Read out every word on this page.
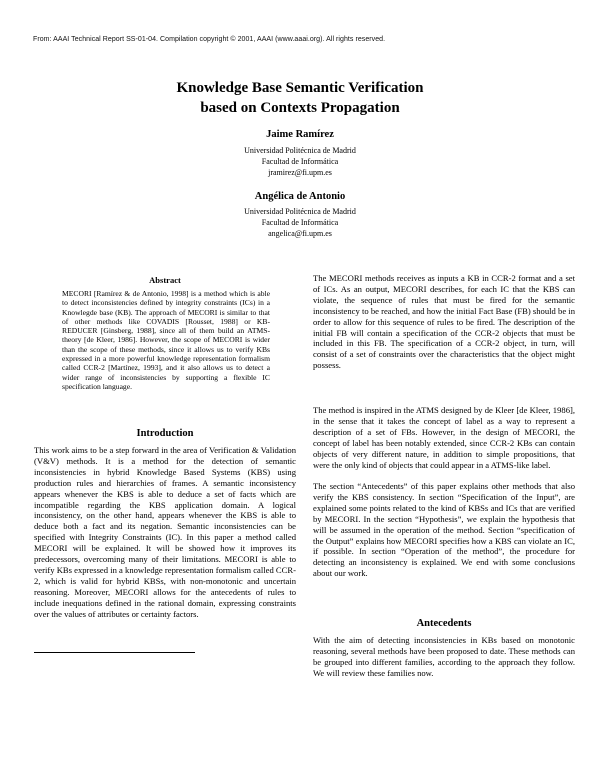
From: AAAI Technical Report SS-01-04. Compilation copyright © 2001, AAAI (www.aaai.org). All rights reserved.
Knowledge Base Semantic Verification
based on Contexts Propagation
Jaime Ramírez
Universidad Politécnica de Madrid
Facultad de Informática
jramirez@fi.upm.es
Angélica de Antonio
Universidad Politécnica de Madrid
Facultad de Informática
angelica@fi.upm.es
Abstract

MECORI [Ramírez & de Antonio, 1998] is a method which is able to detect inconsistencies defined by integrity constraints (ICs) in a Knowlegde base (KB). The approach of MECORI is similar to that of other methods like COVADIS [Rousset, 1988] or KB-REDUCER [Ginsberg, 1988], since all of them build an ATMS-theory [de Kleer, 1986]. However, the scope of MECORI is wider than the scope of these methods, since it allows us to verify KBs expressed in a more powerful knowledge representation formalism called CCR-2 [Martínez, 1993], and it also allows us to detect a wider range of inconsistencies by supporting a flexible IC specification language.

Introduction

This work aims to be a step forward in the area of Verification & Validation (V&V) methods. It is a method for the detection of semantic inconsistencies in hybrid Knowledge Based Systems (KBS) using production rules and hierarchies of frames. A semantic inconsistency appears whenever the KBS is able to deduce a set of facts which are incompatible regarding the KBS application domain. A logical inconsistency, on the other hand, appears whenever the KBS is able to deduce both a fact and its negation. Semantic inconsistencies can be specified with Integrity Constraints (IC). In this paper a method called MECORI will be explained. It will be showed how it improves its predecessors, overcoming many of their limitations. MECORI is able to verify KBs expressed in a knowledge representation formalism called CCR-2, which is valid for hybrid KBSs, with non-monotonic and uncertain reasoning. Moreover, MECORI allows for the antecedents of rules to include inequations defined in the rational domain, expressing constraints over the values of attributes or certainty factors.

The MECORI methods receives as inputs a KB in CCR-2 format and a set of ICs. As an output, MECORI describes, for each IC that the KBS can violate, the sequence of rules that must be fired for the semantic inconsistency to be reached, and how the initial Fact Base (FB) should be in order to allow for this sequence of rules to be fired. The description of the initial FB will contain a specification of the CCR-2 objects that must be included in this FB. The specification of a CCR-2 object, in turn, will consist of a set of constraints over the characteristics that the object might possess.

The method is inspired in the ATMS designed by de Kleer [de Kleer, 1986], in the sense that it takes the concept of label as a way to represent a description of a set of FBs. However, in the design of MECORI, the concept of label has been notably extended, since CCR-2 KBs can contain objects of very different nature, in addition to simple propositions, that were the only kind of objects that could appear in a ATMS-like label.

The section “Antecedents” of this paper explains other methods that also verify the KBS consistency. In section “Specification of the Input”, are explained some points related to the kind of KBSs and ICs that are verified by MECORI. In the section “Hypothesis”, we explain the hypothesis that will be assumed in the operation of the method. Section “specification of the Output” explains how MECORI specifies how a KBS can violate an IC, if possible. In section “Operation of the method”, the procedure for detecting an inconsistency is explained. We end with some conclusions about our work.

Antecedents

With the aim of detecting inconsistencies in KBs based on monotonic reasoning, several methods have been proposed to date. These methods can be grouped into different families, according to the approach they follow. We will review these families now.
